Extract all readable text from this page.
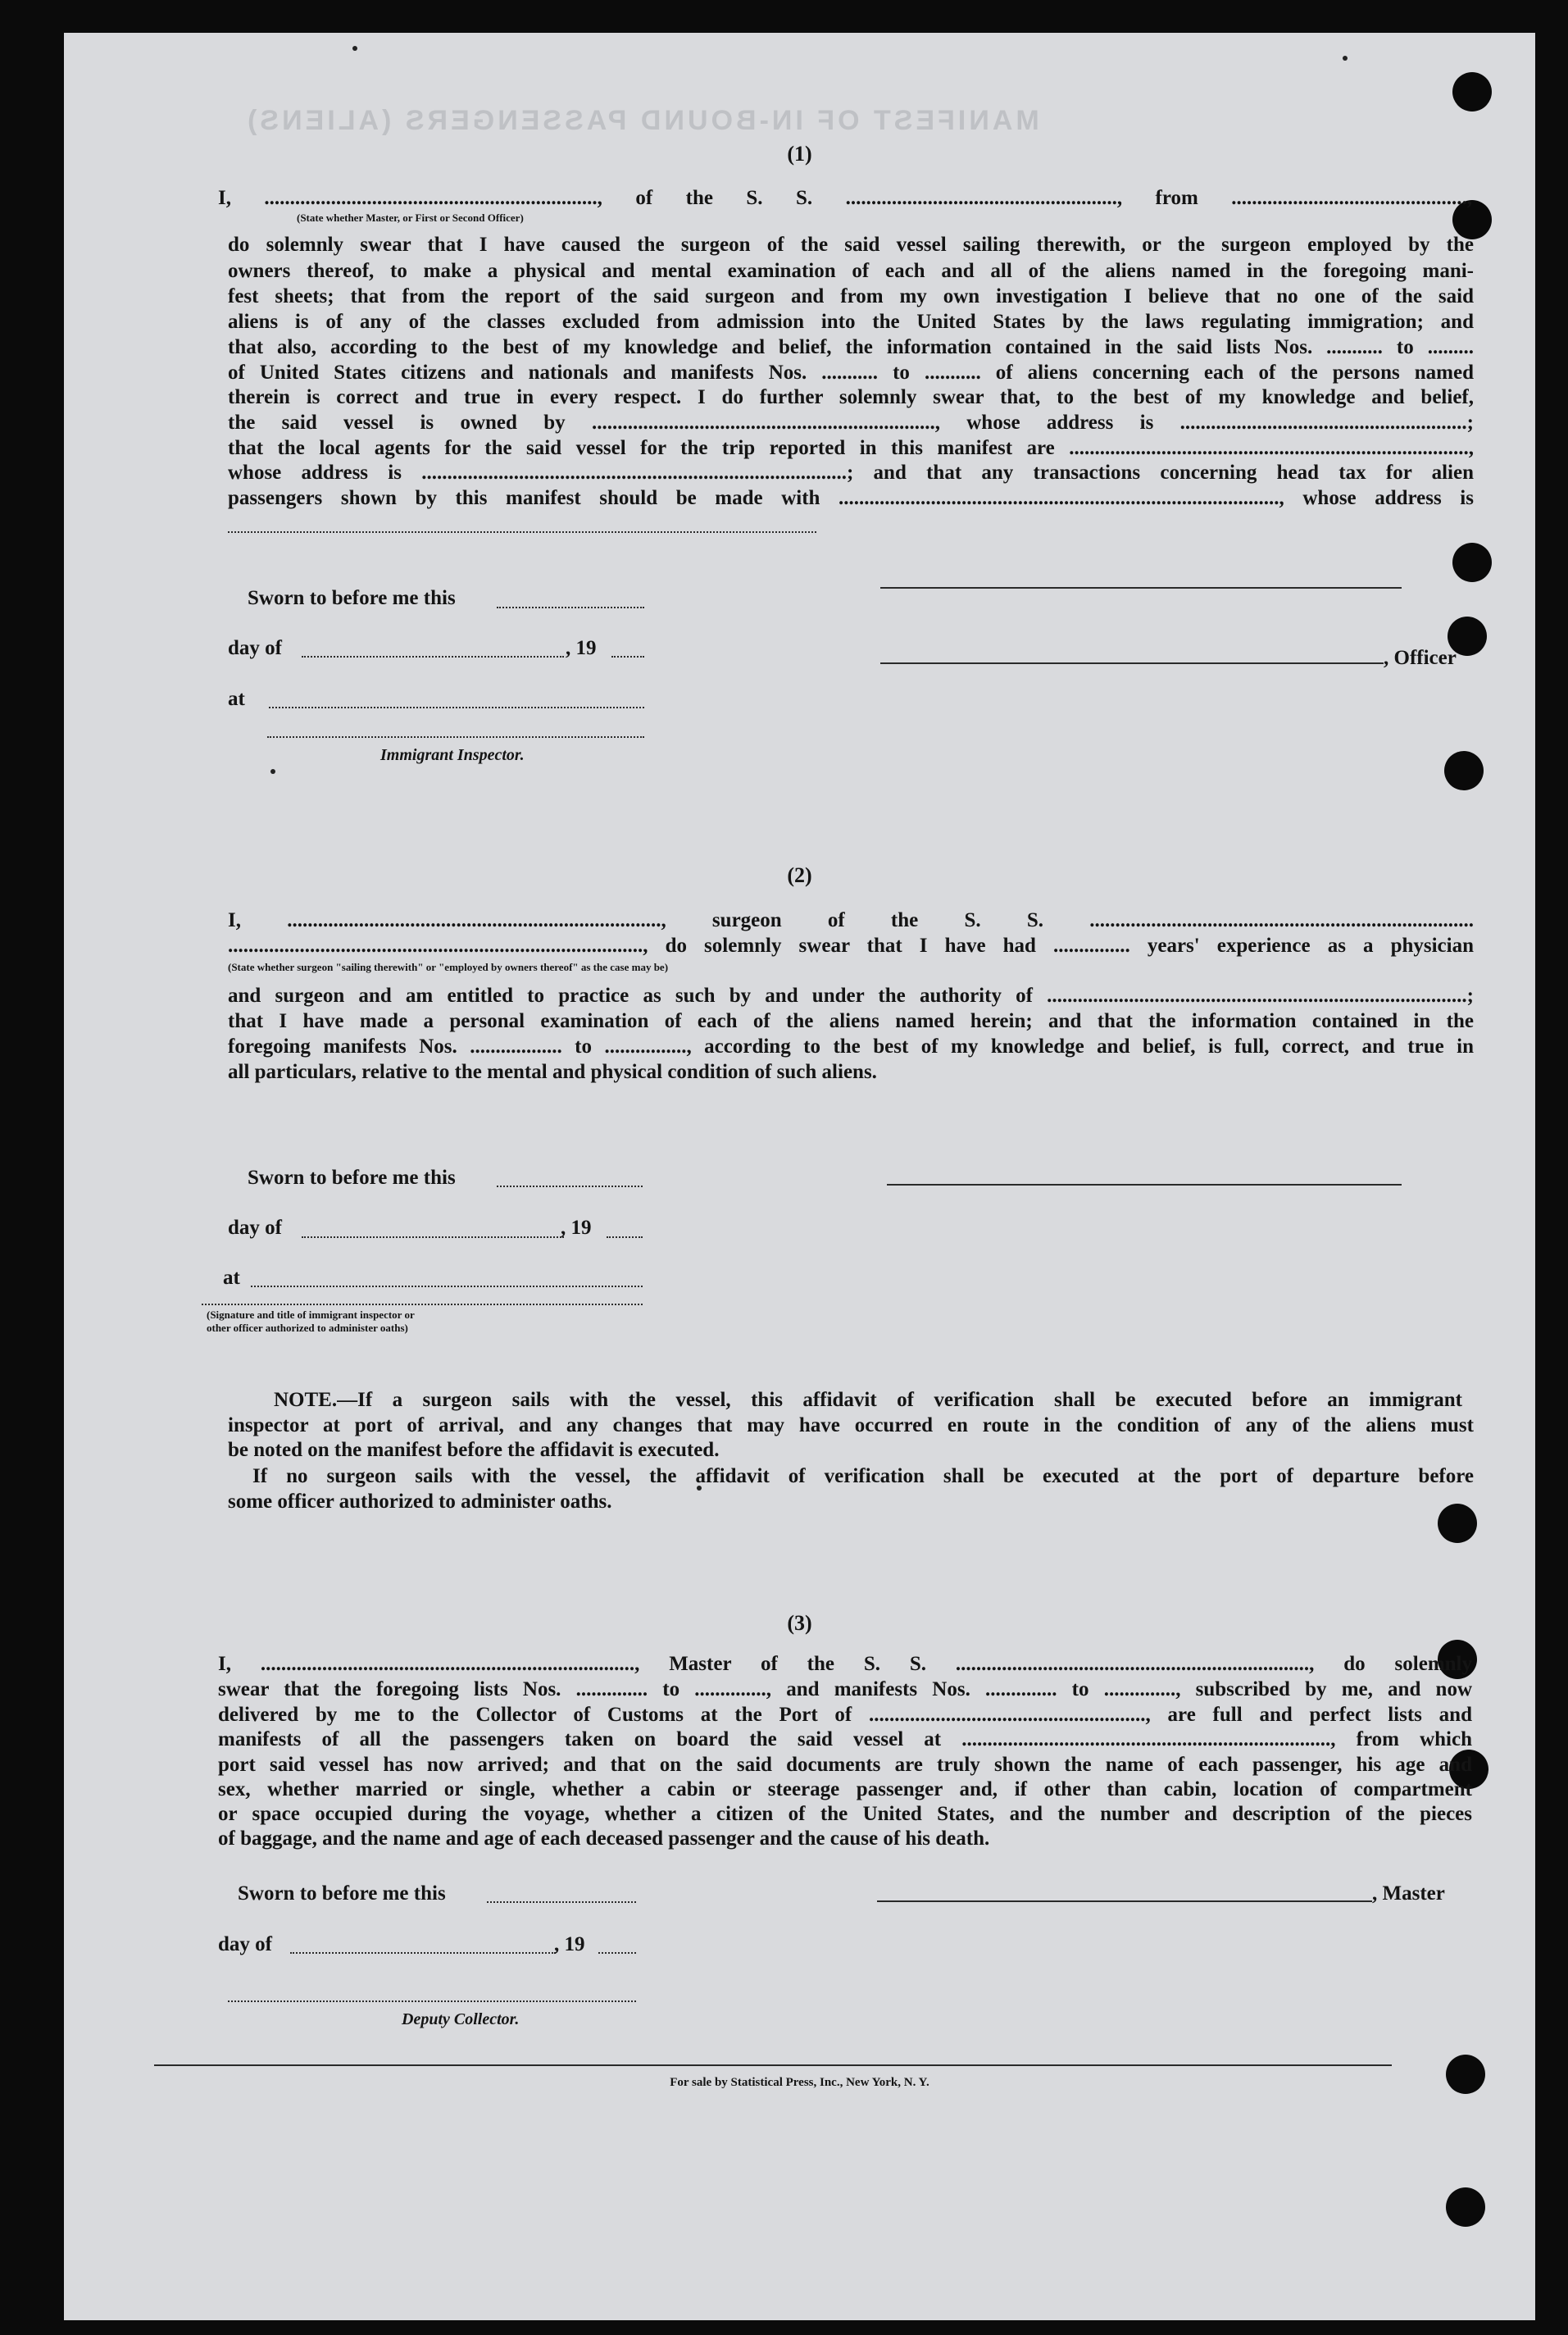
MANIFEST OF IN-BOUND PASSENGERS (ALIENS)
(1)
I, ................................................................., of the S. S. ....................................................., from ..............................................,
(State whether Master, or First or Second Officer)
do solemnly swear that I have caused the surgeon of the said vessel sailing therewith, or the surgeon employed by the
owners thereof, to make a physical and mental examination of each and all of the aliens named in the foregoing mani-
fest sheets; that from the report of the said surgeon and from my own investigation I believe that no one of the said
aliens is of any of the classes excluded from admission into the United States by the laws regulating immigration; and
that also, according to the best of my knowledge and belief, the information contained in the said lists Nos. ........... to .........
of United States citizens and nationals and manifests Nos. ........... to ........... of aliens concerning each of the persons named
therein is correct and true in every respect. I do further solemnly swear that, to the best of my knowledge and belief,
the said vessel is owned by ..................................................................., whose address is ........................................................;
that the local agents for the said vessel for the trip reported in this manifest are ..............................................................................,
whose address is ...................................................................................; and that any transactions concerning head tax for alien
passengers shown by this manifest should be made with ......................................................................................, whose address is
Sworn to before me this
day of	, 19	, Officer
at
Immigrant Inspector.
(2)
I, ........................................................................., surgeon of the S. S. ...........................................................................
................................................................................., do solemnly swear that I have had ............... years' experience as a physician
(State whether surgeon "sailing therewith" or "employed by owners thereof" as the case may be)
and surgeon and am entitled to practice as such by and under the authority of ..................................................................................;
that I have made a personal examination of each of the aliens named herein; and that the information contained in the
foregoing manifests Nos. .................. to ................, according to the best of my knowledge and belief, is full, correct, and true in
all particulars, relative to the mental and physical condition of such aliens.
Sworn to before me this
day of	, 19
at
(Signature and title of immigrant inspector or
other officer authorized to administer oaths)
NOTE.—If a surgeon sails with the vessel, this affidavit of verification shall be executed before an immigrant
inspector at port of arrival, and any changes that may have occurred en route in the condition of any of the aliens must
be noted on the manifest before the affidavit is executed.
If no surgeon sails with the vessel, the affidavit of verification shall be executed at the port of departure before
some officer authorized to administer oaths.
(3)
I, ........................................................................., Master of the S. S. ....................................................................., do solemnly
swear that the foregoing lists Nos. .............. to .............., and manifests Nos. .............. to .............., subscribed by me, and now
delivered by me to the Collector of Customs at the Port of ......................................................, are full and perfect lists and
manifests of all the passengers taken on board the said vessel at ........................................................................, from which
port said vessel has now arrived; and that on the said documents are truly shown the name of each passenger, his age and
sex, whether married or single, whether a cabin or steerage passenger and, if other than cabin, location of compartment
or space occupied during the voyage, whether a citizen of the United States, and the number and description of the pieces
of baggage, and the name and age of each deceased passenger and the cause of his death.
Sworn to before me this	, Master
day of	, 19
Deputy Collector.
For sale by Statistical Press, Inc., New York, N. Y.
